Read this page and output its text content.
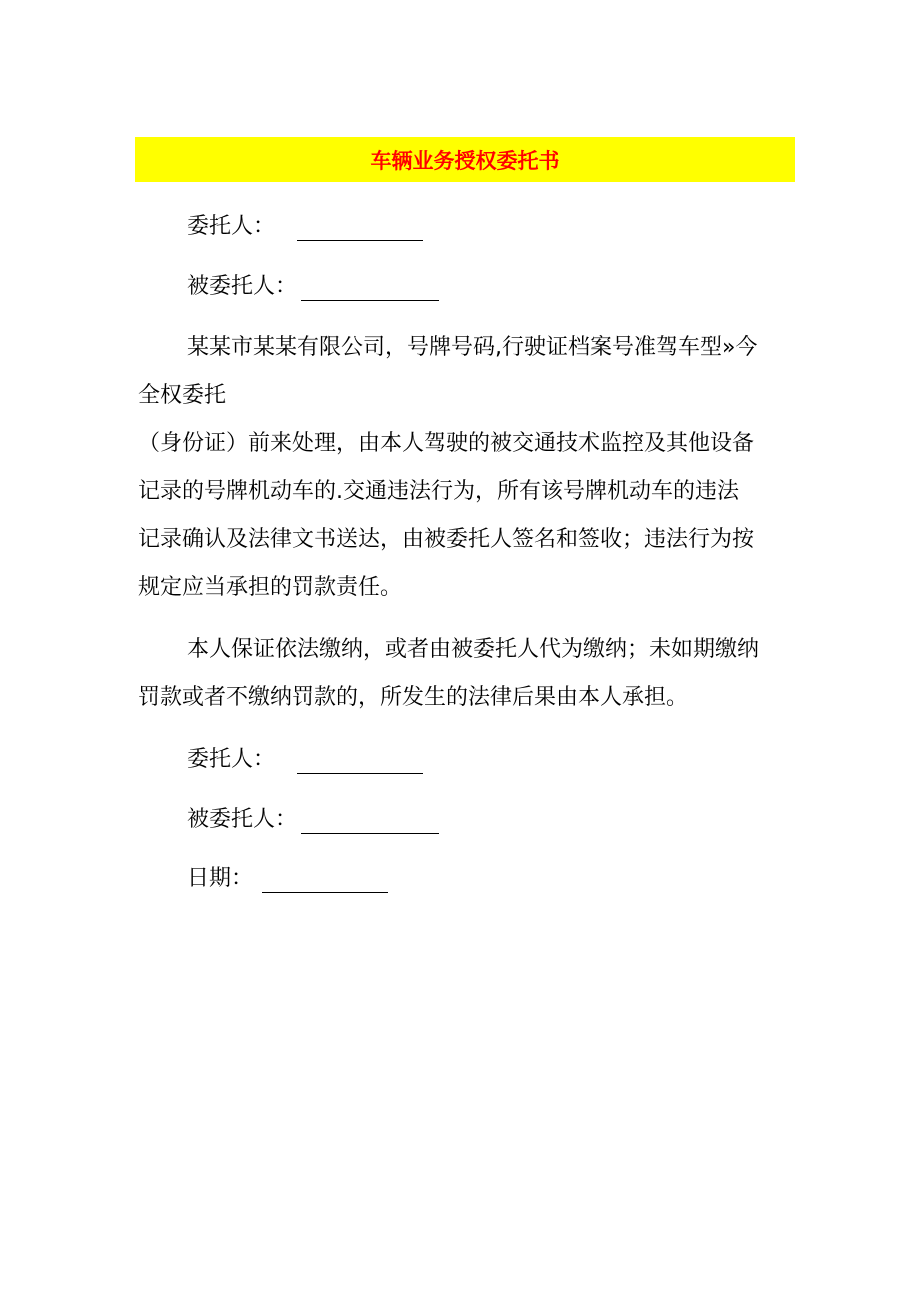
车辆业务授权委托书
委托人：
被委托人：
某某市某某有限公司，号牌号码,行驶证档案号准驾车型»今
全权委托
（身份证）前来处理，由本人驾驶的被交通技术监控及其他设备
记录的号牌机动车的.交通违法行为，所有该号牌机动车的违法
记录确认及法律文书送达，由被委托人签名和签收；违法行为按
规定应当承担的罚款责任。
本人保证依法缴纳，或者由被委托人代为缴纳；未如期缴纳
罚款或者不缴纳罚款的，所发生的法律后果由本人承担。
委托人：
被委托人：
日期：
